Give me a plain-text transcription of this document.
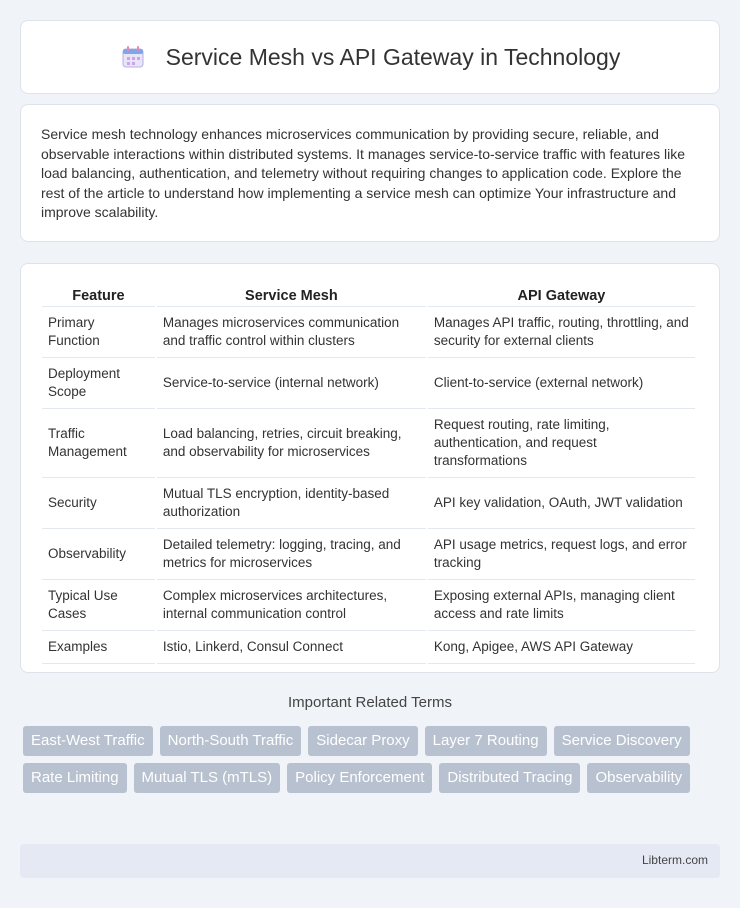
Service Mesh vs API Gateway in Technology

Service mesh technology enhances microservices communication by providing secure, reliable, and observable interactions within distributed systems. It manages service-to-service traffic with features like load balancing, authentication, and telemetry without requiring changes to application code. Explore the rest of the article to understand how implementing a service mesh can optimize Your infrastructure and improve scalability.

Feature	Service Mesh	API Gateway
Primary Function	Manages microservices communication and traffic control within clusters	Manages API traffic, routing, throttling, and security for external clients
Deployment Scope	Service-to-service (internal network)	Client-to-service (external network)
Traffic Management	Load balancing, retries, circuit breaking, and observability for microservices	Request routing, rate limiting, authentication, and request transformations
Security	Mutual TLS encryption, identity-based authorization	API key validation, OAuth, JWT validation
Observability	Detailed telemetry: logging, tracing, and metrics for microservices	API usage metrics, request logs, and error tracking
Typical Use Cases	Complex microservices architectures, internal communication control	Exposing external APIs, managing client access and rate limits
Examples	Istio, Linkerd, Consul Connect	Kong, Apigee, AWS API Gateway
Important Related Terms
East-West Traffic	North-South Traffic	Sidecar Proxy	Layer 7 Routing	Service Discovery
Rate Limiting	Mutual TLS (mTLS)	Policy Enforcement	Distributed Tracing	Observability
Libterm.com
